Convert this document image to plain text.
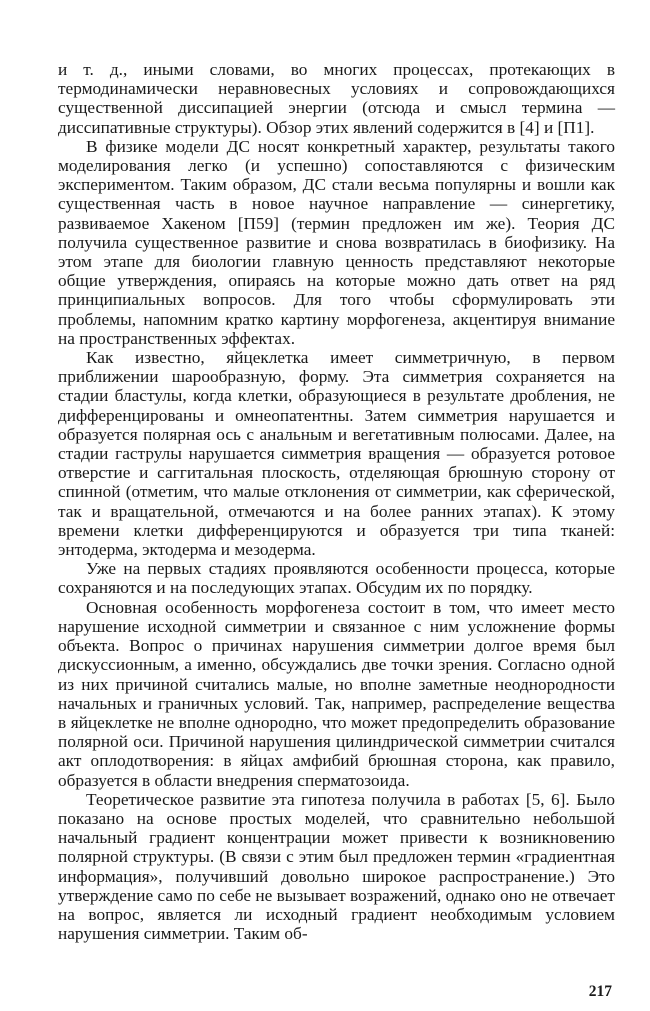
и т. д., иными словами, во многих процессах, протекающих в термодинамически неравновесных условиях и сопровождающихся существенной диссипацией энергии (отсюда и смысл термина — диссипативные структуры). Обзор этих явлений содержится в [4] и [П1].

В физике модели ДС носят конкретный характер, результаты такого моделирования легко (и успешно) сопоставляются с физическим экспериментом. Таким образом, ДС стали весьма популярны и вошли как существенная часть в новое научное направление — синергетику, развиваемое Хакеном [П59] (термин предложен им же). Теория ДС получила существенное развитие и снова возвратилась в биофизику. На этом этапе для биологии главную ценность представляют некоторые общие утверждения, опираясь на которые можно дать ответ на ряд принципиальных вопросов. Для того чтобы сформулировать эти проблемы, напомним кратко картину морфогенеза, акцентируя внимание на пространственных эффектах.

Как известно, яйцеклетка имеет симметричную, в первом приближении шарообразную, форму. Эта симметрия сохраняется на стадии бластулы, когда клетки, образующиеся в результате дробления, не дифференцированы и омнеопатентны. Затем симметрия нарушается и образуется полярная ось с анальным и вегетативным полюсами. Далее, на стадии гаструлы нарушается симметрия вращения — образуется ротовое отверстие и саггитальная плоскость, отделяющая брюшную сторону от спинной (отметим, что малые отклонения от симметрии, как сферической, так и вращательной, отмечаются и на более ранних этапах). К этому времени клетки дифференцируются и образуется три типа тканей: энтодерма, эктодерма и мезодерма.

Уже на первых стадиях проявляются особенности процесса, которые сохраняются и на последующих этапах. Обсудим их по порядку.

Основная особенность морфогенеза состоит в том, что имеет место нарушение исходной симметрии и связанное с ним усложнение формы объекта. Вопрос о причинах нарушения симметрии долгое время был дискуссионным, а именно, обсуждались две точки зрения. Согласно одной из них причиной считались малые, но вполне заметные неоднородности начальных и граничных условий. Так, например, распределение вещества в яйцеклетке не вполне однородно, что может предопределить образование полярной оси. Причиной нарушения цилиндрической симметрии считался акт оплодотворения: в яйцах амфибий брюшная сторона, как правило, образуется в области внедрения сперматозоида.

Теоретическое развитие эта гипотеза получила в работах [5, 6]. Было показано на основе простых моделей, что сравнительно небольшой начальный градиент концентрации может привести к возникновению полярной структуры. (В связи с этим был предложен термин «градиентная информация», получивший довольно широкое распространение.) Это утверждение само по себе не вызывает возражений, однако оно не отвечает на вопрос, является ли исходный градиент необходимым условием нарушения симметрии. Таким об-

217
